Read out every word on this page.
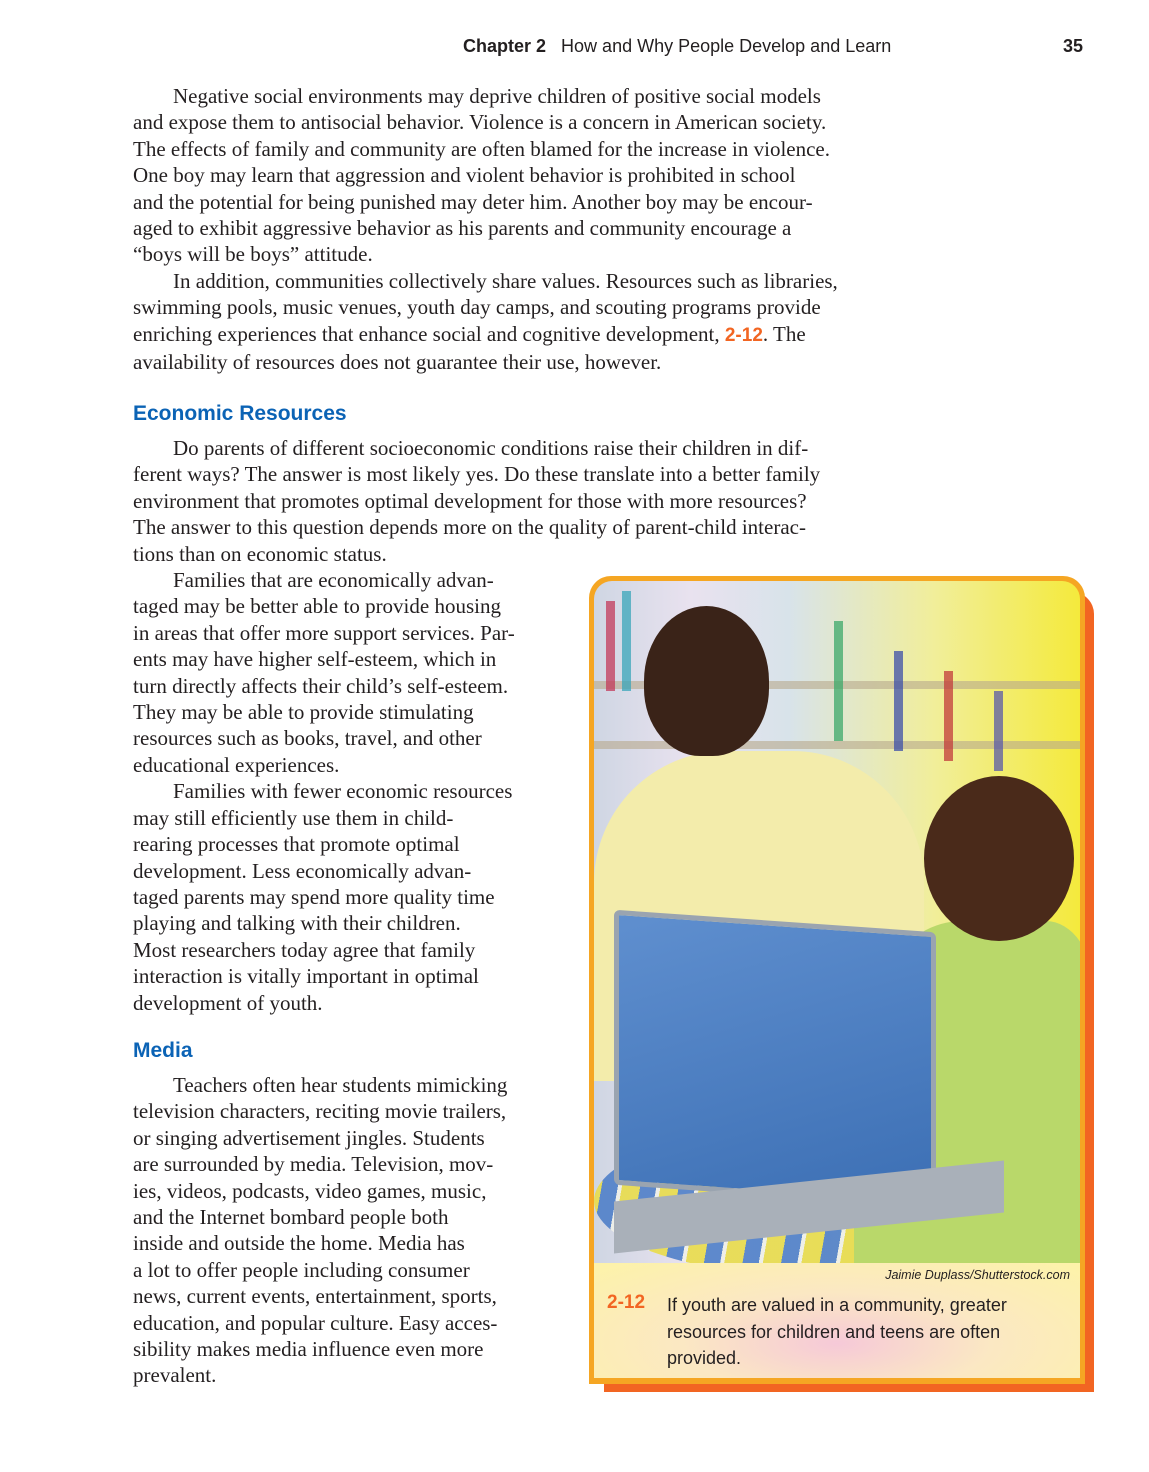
Chapter 2 How and Why People Develop and Learn	35
Negative social environments may deprive children of positive social models
and expose them to antisocial behavior. Violence is a concern in American society.
The effects of family and community are often blamed for the increase in violence.
One boy may learn that aggression and violent behavior is prohibited in school
and the potential for being punished may deter him. Another boy may be encour-
aged to exhibit aggressive behavior as his parents and community encourage a
“boys will be boys” attitude.
In addition, communities collectively share values. Resources such as libraries,
swimming pools, music venues, youth day camps, and scouting programs provide
enriching experiences that enhance social and cognitive development, 2-12. The
availability of resources does not guarantee their use, however.
Economic Resources
Do parents of different socioeconomic conditions raise their children in dif-
ferent ways? The answer is most likely yes. Do these translate into a better family
environment that promotes optimal development for those with more resources?
The answer to this question depends more on the quality of parent-child interac-
tions than on economic status.
Families that are economically advan-
taged may be better able to provide housing
in areas that offer more support services. Par-
ents may have higher self-esteem, which in
turn directly affects their child’s self-esteem.
They may be able to provide stimulating
resources such as books, travel, and other
educational experiences.
Families with fewer economic resources
may still efficiently use them in child-
rearing processes that promote optimal
development. Less economically advan-
taged parents may spend more quality time
playing and talking with their children.
Most researchers today agree that family
interaction is vitally important in optimal
development of youth.
Media
Teachers often hear students mimicking
television characters, reciting movie trailers,
or singing advertisement jingles. Students
are surrounded by media. Television, mov-
ies, videos, podcasts, video games, music,
and the Internet bombard people both
inside and outside the home. Media has
a lot to offer people including consumer
news, current events, entertainment, sports,
education, and popular culture. Easy acces-
sibility makes media influence even more
prevalent.
Jaimie Duplass/Shutterstock.com
2-12 If youth are valued in a community, greater resources for children and teens are often provided.
